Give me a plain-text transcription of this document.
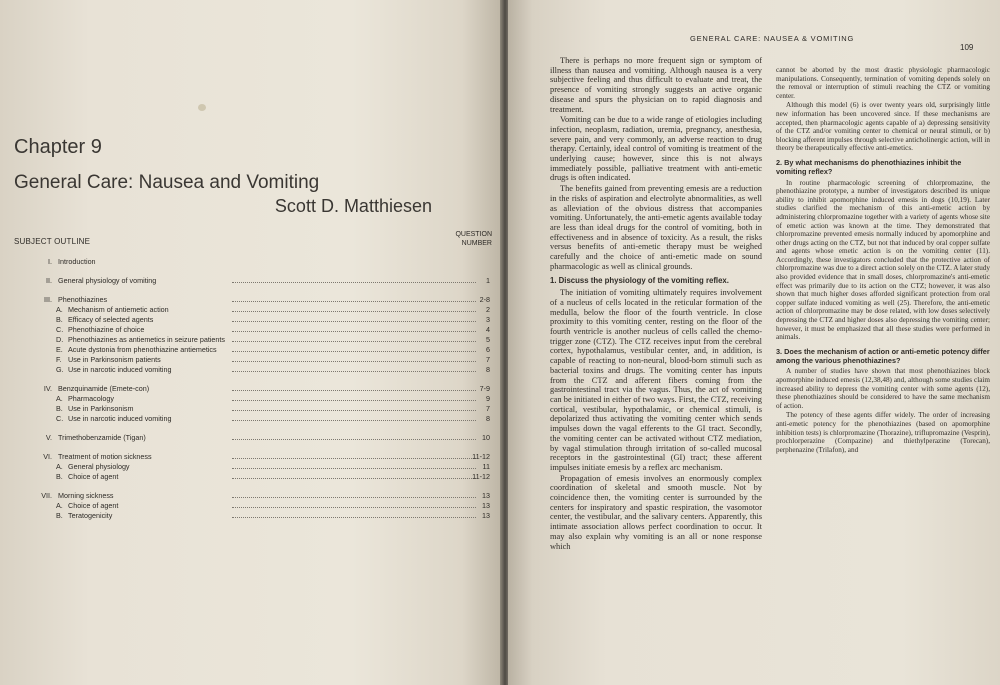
Chapter 9
General Care: Nausea and Vomiting
Scott D. Matthiesen
SUBJECT OUTLINE
QUESTION NUMBER
I. Introduction
II. General physiology of vomiting	1
III. Phenothiazines	2-8
A. Mechanism of antiemetic action	2
B. Efficacy of selected agents	3
C. Phenothiazine of choice	4
D. Phenothiazines as antiemetics in seizure patients	5
E. Acute dystonia from phenothiazine antiemetics	6
F. Use in Parkinsonism patients	7
G. Use in narcotic induced vomiting	8
IV. Benzquinamide (Emete-con)	7-9
A. Pharmacology	9
B. Use in Parkinsonism	7
C. Use in narcotic induced vomiting	8
V. Trimethobenzamide (Tigan)	10
VI. Treatment of motion sickness	11-12
A. General physiology	11
B. Choice of agent	11-12
VII. Morning sickness	13
A. Choice of agent	13
B. Teratogenicity	13
GENERAL CARE: NAUSEA & VOMITING
109

There is perhaps no more frequent sign or symptom of illness than nausea and vomiting. Although nausea is a very subjective feeling and thus difficult to evaluate and treat, the presence of vomiting strongly suggests an active organic disease and spurs the physician on to rapid diagnosis and treatment.

Vomiting can be due to a wide range of etiologies including infection, neoplasm, radiation, uremia, pregnancy, anesthesia, severe pain, and very commonly, an adverse reaction to drug therapy. Certainly, ideal control of vomiting is treatment of the underlying cause; however, since this is not always immediately possible, palliative treatment with anti-emetic drugs is often indicated.

The benefits gained from preventing emesis are a reduction in the risks of aspiration and electrolyte abnormalities, as well as alleviation of the obvious distress that accompanies vomiting. Unfortunately, the anti-emetic agents available today are less than ideal drugs for the control of vomiting, both in effectiveness and in absence of toxicity. As a result, the risks versus benefits of anti-emetic therapy must be weighed carefully and the choice of anti-emetic made on sound pharmacologic as well as clinical grounds.

1. Discuss the physiology of the vomiting reflex.

The initiation of vomiting ultimately requires involvement of a nucleus of cells located in the reticular formation of the medulla, below the floor of the fourth ventricle. In close proximity to this vomiting center, resting on the floor of the fourth ventricle is another nucleus of cells called the chemo-trigger zone (CTZ). The CTZ receives input from the cerebral cortex, hypothalamus, vestibular center, and, in addition, is capable of reacting to non-neural, blood-born stimuli such as bacterial toxins and drugs. The vomiting center has inputs from the CTZ and afferent fibers coming from the gastrointestinal tract via the vagus. Thus, the act of vomiting can be initiated in either of two ways. First, the CTZ, receiving cortical, vestibular, hypothalamic, or chemical stimuli, is depolarized thus activating the vomiting center which sends impulses down the vagal efferents to the GI tract. Secondly, the vomiting center can be activated without CTZ mediation, by vagal stimulation through irritation of so-called mucosal receptors in the gastrointestinal (GI) tract; these afferent impulses initiate emesis by a reflex arc mechanism.

Propagation of emesis involves an enormously complex coordination of skeletal and smooth muscle. Not by coincidence then, the vomiting center is surrounded by the centers for inspiratory and spastic respiration, the vasomotor center, the vestibular, and the salivary centers. Apparently, this intimate association allows perfect coordination to occur. It may also explain why vomiting is an all or none response which

cannot be aborted by the most drastic physiologic pharmacologic manipulations. Consequently, termination of vomiting depends solely on the removal or interruption of stimuli reaching the CTZ or vomiting center.

Although this model (6) is over twenty years old, surprisingly little new information has been uncovered since. If these mechanisms are accepted, then pharmacologic agents capable of a) depressing sensitivity of the CTZ and/or vomiting center to chemical or neural stimuli, or b) blocking afferent impulses through selective anticholinergic action, will in theory be therapeutically effective anti-emetics.

2. By what mechanisms do phenothiazines inhibit the vomiting reflex?

In routine pharmacologic screening of chlorpromazine, the phenothiazine prototype, a number of investigators described its unique ability to inhibit apomorphine induced emesis in dogs (10,19). Later studies clarified the mechanism of this anti-emetic action by administering chlorpromazine together with a variety of agents whose site of emetic action was known at the time. They demonstrated that chlorpromazine prevented emesis normally induced by apomorphine and other drugs acting on the CTZ, but not that induced by oral copper sulfate and agents whose emetic action is on the vomiting center (11). Accordingly, these investigators concluded that the protective action of chlorpromazine was due to a direct action solely on the CTZ. A later study also provided evidence that in small doses, chlorpromazine's anti-emetic effect was primarily due to its action on the CTZ; however, it was also shown that much higher doses afforded significant protection from oral copper sulfate induced vomiting as well (25). Therefore, the anti-emetic action of chlorpromazine may be dose related, with low doses selectively depressing the CTZ and higher doses also depressing the vomiting center; however, it must be emphasized that all these studies were performed in animals.

3. Does the mechanism of action or anti-emetic potency differ among the various phenothiazines?

A number of studies have shown that most phenothiazines block apomorphine induced emesis (12,38,48) and, although some studies claim increased ability to depress the vomiting center with some agents (12), these phenothiazines should be considered to have the same mechanism of action.

The potency of these agents differ widely. The order of increasing anti-emetic potency for the phenothiazines (based on apomorphine inhibition tests) is chlorpromazine (Thorazine), triflupromazine (Vesprin), prochlorperazine (Compazine) and thiethylperazine (Torecan), perphenazine (Trilafon), and
